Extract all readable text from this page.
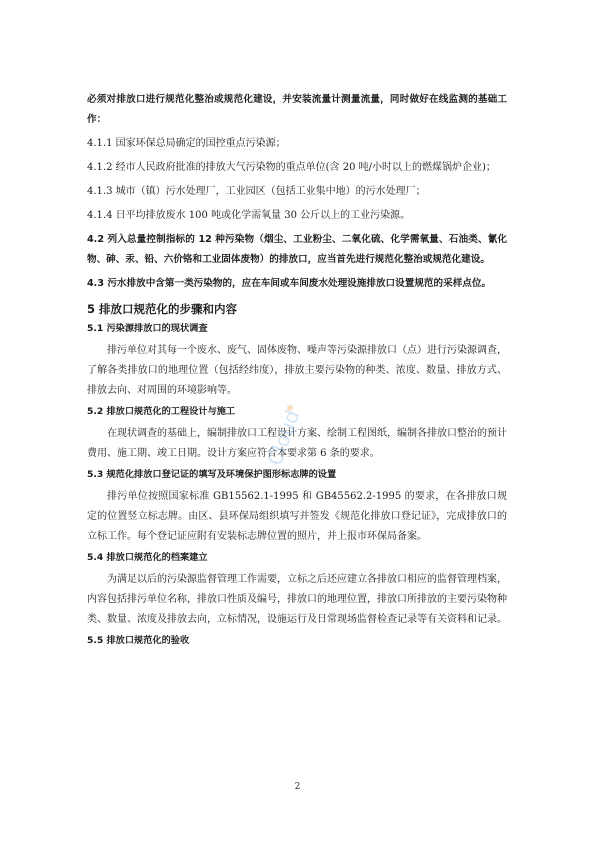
必须对排放口进行规范化整治或规范化建设，并安装流量计测量流量，同时做好在线监测的基础工作：

4.1.1 国家环保总局确定的国控重点污染源；

4.1.2 经市人民政府批准的排放大气污染物的重点单位(含 20 吨/小时以上的燃煤锅炉企业)；

4.1.3 城市（镇）污水处理厂，工业园区（包括工业集中地）的污水处理厂；

4.1.4 日平均排放废水 100 吨或化学需氧量 30 公斤以上的工业污染源。

4.2 列入总量控制指标的 12 种污染物（烟尘、工业粉尘、二氧化硫、化学需氧量、石油类、氰化物、砷、汞、铅、六价铬和工业固体废物）的排放口，应当首先进行规范化整治或规范化建设。

4.3 污水排放中含第一类污染物的，应在车间或车间废水处理设施排放口设置规范的采样点位。

5 排放口规范化的步骤和内容

5.1 污染源排放口的现状调查

排污单位对其每一个废水、废气、固体废物、噪声等污染源排放口（点）进行污染源调查，了解各类排放口的地理位置（包括经纬度），排放主要污染物的种类、浓度、数量、排放方式、排放去向、对周围的环境影响等。

5.2 排放口规范化的工程设计与施工

在现状调查的基础上，编制排放口工程设计方案、绘制工程图纸，编制各排放口整治的预计费用、施工期、竣工日期。设计方案应符合本要求第 6 条的要求。

5.3 规范化排放口登记证的填写及环境保护图形标志牌的设置

排污单位按照国家标准 GB15562.1-1995 和 GB45562.2-1995 的要求，在各排放口规定的位置竖立标志牌。由区、县环保局组织填写并签发《规范化排放口登记证》，完成排放口的立标工作。每个登记证应附有安装标志牌位置的照片，并上报市环保局备案。

5.4 排放口规范化的档案建立

为满足以后的污染源监督管理工作需要，立标之后还应建立各排放口相应的监督管理档案，内容包括排污单位名称，排放口性质及编号，排放口的地理位置，排放口所排放的主要污染物种类、数量、浓度及排放去向，立标情况，设施运行及日常现场监督检查记录等有关资料和记录。

5.5 排放口规范化的验收

Cloud
2
